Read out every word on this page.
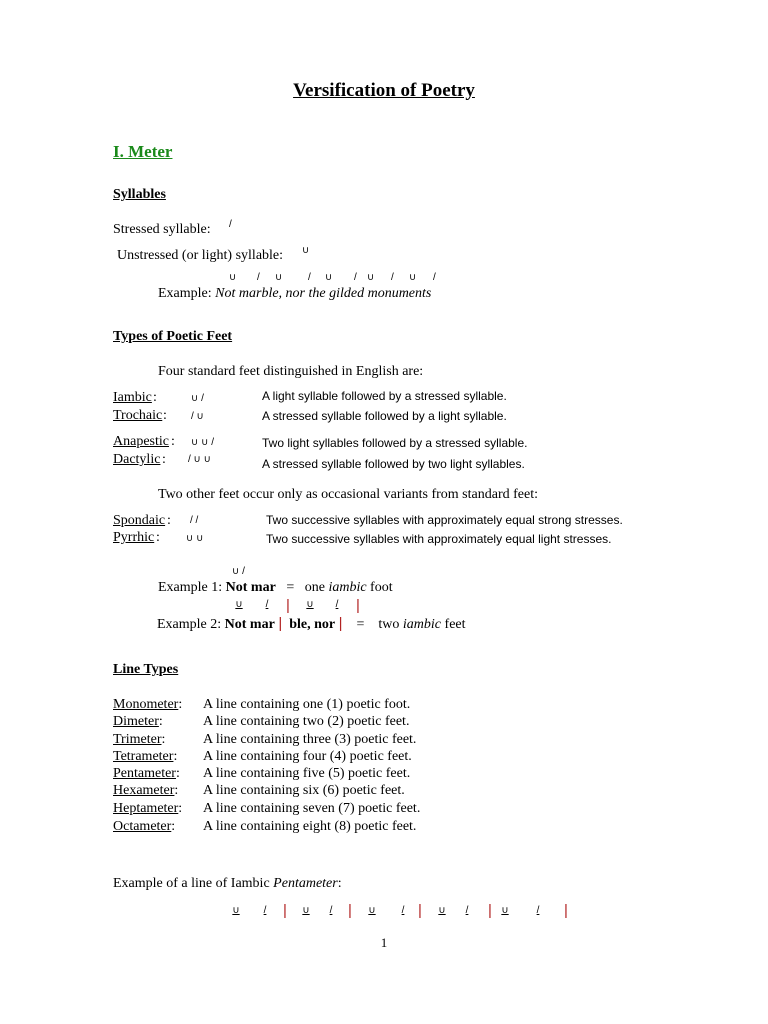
Versification of Poetry
I. Meter
Syllables
Stressed syllable: /
Unstressed (or light) syllable: ∪
∪ / ∪	/ ∪ / ∪ / ∪ /
Example: Not marble, nor the gilded monuments
Types of Poetic Feet
Four standard feet distinguished in English are:
Iambic :	∪ /	A light syllable followed by a stressed syllable.
Trochaic : / ∪	A stressed syllable followed by a light syllable.
Anapestic : ∪ ∪ /	Two light syllables followed by a stressed syllable.
Dactylic : / ∪ ∪	A stressed syllable followed by two light syllables.
Two other feet occur only as occasional variants from standard feet:
Spondaic : / /	Two successive syllables with approximately equal strong stresses.
Pyrrhic :	∪ ∪	Two successive syllables with approximately equal light stresses.
∪ /
Example 1: Not mar = one iambic foot
∪	/	|	∪	/	|
Example 2: Not mar | ble, nor | = two iambic feet
Line Types
Monometer: A line containing one (1) poetic foot.
Dimeter:	A line containing two (2) poetic feet.
Trimeter:	A line containing three (3) poetic feet.
Tetrameter: A line containing four (4) poetic feet.
Pentameter: A line containing five (5) poetic feet.
Hexameter: A line containing six (6) poetic feet.
Heptameter: A line containing seven (7) poetic feet.
Octameter: A line containing eight (8) poetic feet.
Example of a line of Iambic Pentameter:
∪	/	|	∪	/	|	∪	/ |	∪	/	| ∪	/	|
1
